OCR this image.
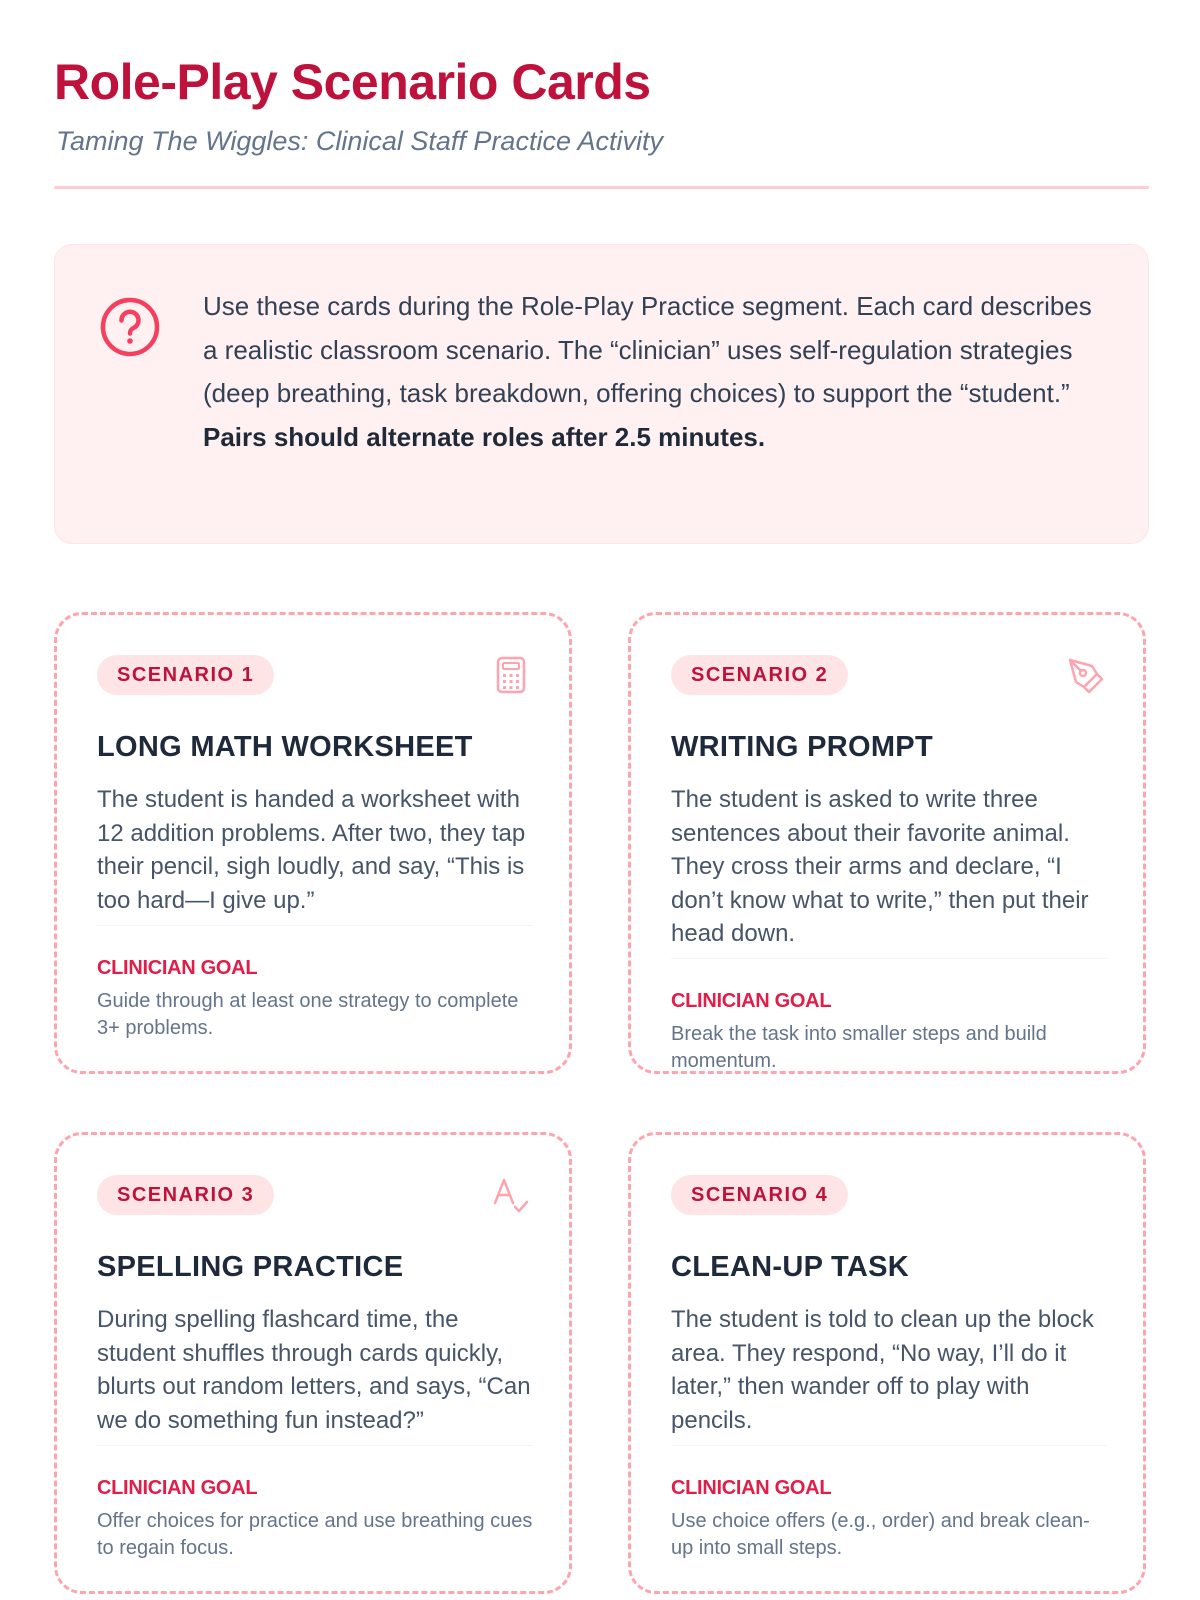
Role-Play Scenario Cards
Taming The Wiggles: Clinical Staff Practice Activity

Use these cards during the Role-Play Practice segment. Each card describes a realistic classroom scenario. The “clinician” uses self-regulation strategies (deep breathing, task breakdown, offering choices) to support the “student.” Pairs should alternate roles after 2.5 minutes.

SCENARIO 1
LONG MATH WORKSHEET

The student is handed a worksheet with 12 addition problems. After two, they tap their pencil, sigh loudly, and say, “This is too hard—I give up.”

CLINICIAN GOAL
Guide through at least one strategy to complete 3+ problems.
SCENARIO 2
WRITING PROMPT

The student is asked to write three sentences about their favorite animal. They cross their arms and declare, “I don’t know what to write,” then put their head down.

CLINICIAN GOAL
Break the task into smaller steps and build momentum.
SCENARIO 3
SPELLING PRACTICE

During spelling flashcard time, the student shuffles through cards quickly, blurts out random letters, and says, “Can we do something fun instead?”

CLINICIAN GOAL
Offer choices for practice and use breathing cues to regain focus.
SCENARIO 4
CLEAN-UP TASK

The student is told to clean up the block area. They respond, “No way, I’ll do it later,” then wander off to play with pencils.

CLINICIAN GOAL
Use choice offers (e.g., order) and break clean-up into small steps.
